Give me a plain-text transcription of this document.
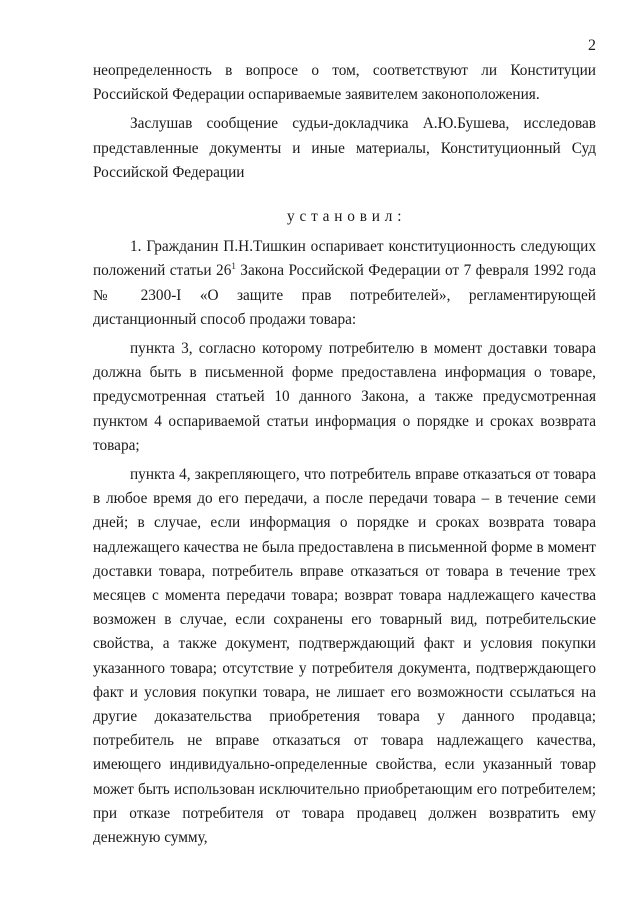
2

неопределенность в вопросе о том, соответствуют ли Конституции Российской Федерации оспариваемые заявителем законоположения.

Заслушав сообщение судьи-докладчика А.Ю.Бушева, исследовав представленные документы и иные материалы, Конституционный Суд Российской Федерации

у с т а н о в и л :

1. Гражданин П.Н.Тишкин оспаривает конституционность следующих положений статьи $26^1$ Закона Российской Федерации от 7 февраля 1992 года № 2300-I «О защите прав потребителей», регламентирующей дистанционный способ продажи товара:

пункта 3, согласно которому потребителю в момент доставки товара должна быть в письменной форме предоставлена информация о товаре, предусмотренная статьей 10 данного Закона, а также предусмотренная пунктом 4 оспариваемой статьи информация о порядке и сроках возврата товара;

пункта 4, закрепляющего, что потребитель вправе отказаться от товара в любое время до его передачи, а после передачи товара – в течение семи дней; в случае, если информация о порядке и сроках возврата товара надлежащего качества не была предоставлена в письменной форме в момент доставки товара, потребитель вправе отказаться от товара в течение трех месяцев с момента передачи товара; возврат товара надлежащего качества возможен в случае, если сохранены его товарный вид, потребительские свойства, а также документ, подтверждающий факт и условия покупки указанного товара; отсутствие у потребителя документа, подтверждающего факт и условия покупки товара, не лишает его возможности ссылаться на другие доказательства приобретения товара у данного продавца; потребитель не вправе отказаться от товара надлежащего качества, имеющего индивидуально-определенные свойства, если указанный товар может быть использован исключительно приобретающим его потребителем; при отказе потребителя от товара продавец должен возвратить ему денежную сумму,
